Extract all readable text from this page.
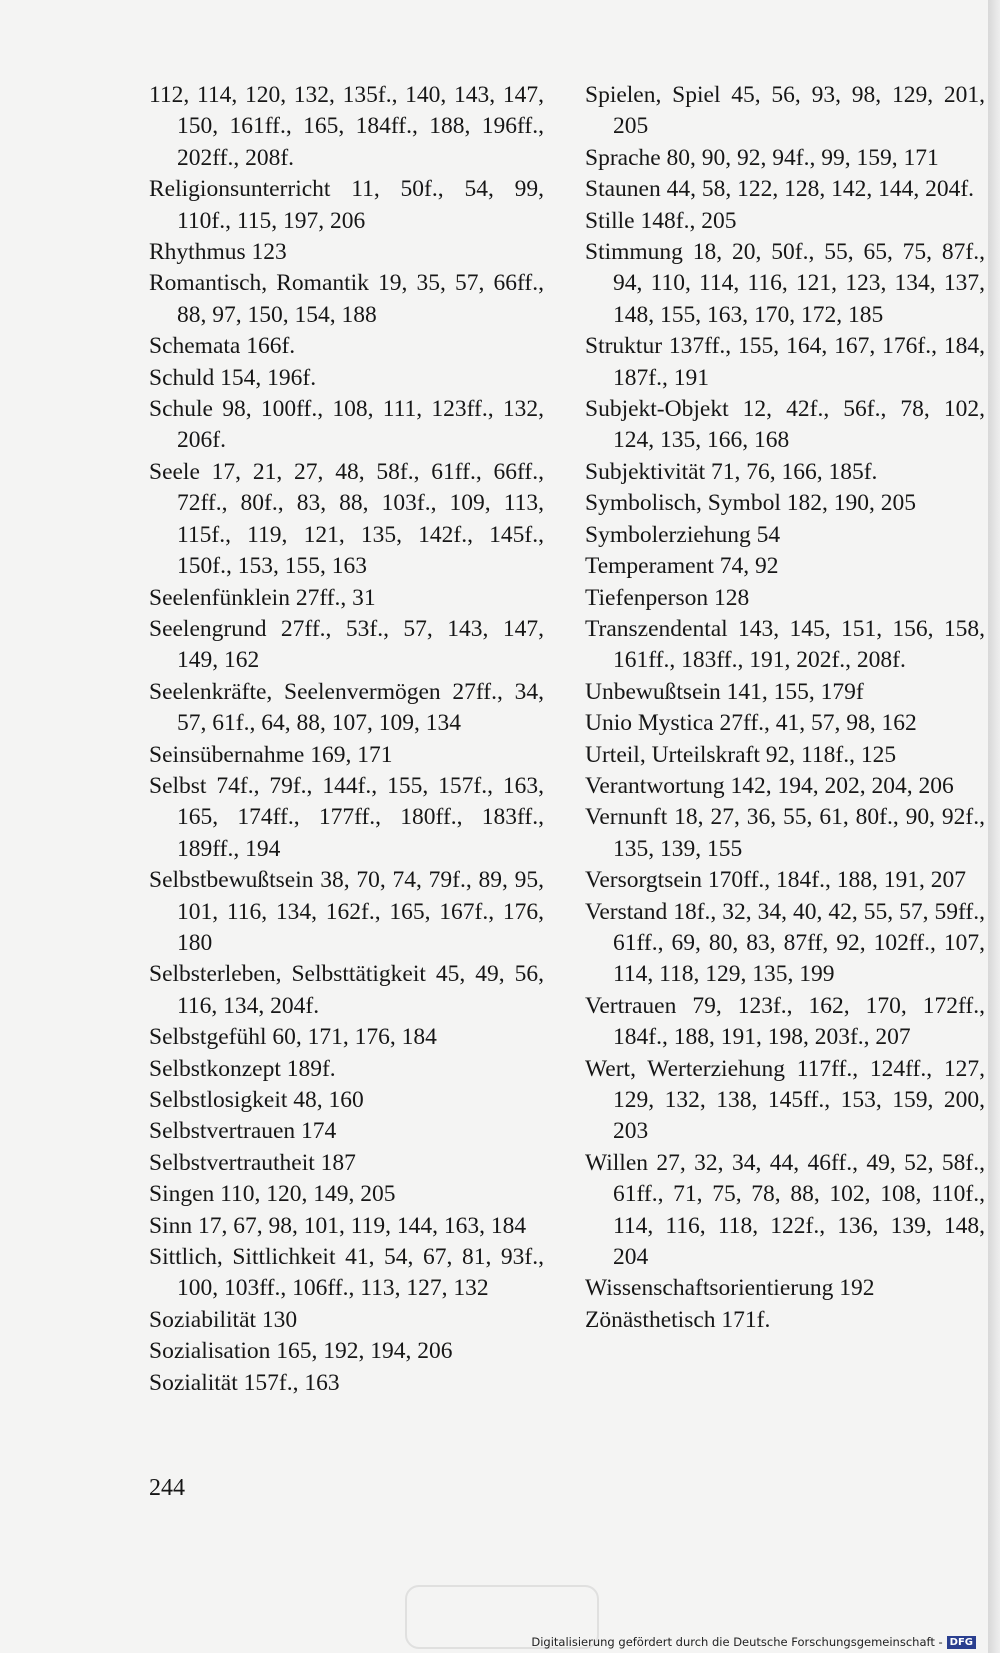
112, 114, 120, 132, 135f., 140, 143, 147, 150, 161ff., 165, 184ff., 188, 196ff., 202ff., 208f.
Religionsunterricht 11, 50f., 54, 99, 110f., 115, 197, 206
Rhythmus 123
Romantisch, Romantik 19, 35, 57, 66ff., 88, 97, 150, 154, 188
Schemata 166f.
Schuld 154, 196f.
Schule 98, 100ff., 108, 111, 123ff., 132, 206f.
Seele 17, 21, 27, 48, 58f., 61ff., 66ff., 72ff., 80f., 83, 88, 103f., 109, 113, 115f., 119, 121, 135, 142f., 145f., 150f., 153, 155, 163
Seelenfünklein 27ff., 31
Seelengrund 27ff., 53f., 57, 143, 147, 149, 162
Seelenkräfte, Seelenvermögen 27ff., 34, 57, 61f., 64, 88, 107, 109, 134
Seinsübernahme 169, 171
Selbst 74f., 79f., 144f., 155, 157f., 163, 165, 174ff., 177ff., 180ff., 183ff., 189ff., 194
Selbstbewußtsein 38, 70, 74, 79f., 89, 95, 101, 116, 134, 162f., 165, 167f., 176, 180
Selbsterleben, Selbsttätigkeit 45, 49, 56, 116, 134, 204f.
Selbstgefühl 60, 171, 176, 184
Selbstkonzept 189f.
Selbstlosigkeit 48, 160
Selbstvertrauen 174
Selbstvertrautheit 187
Singen 110, 120, 149, 205
Sinn 17, 67, 98, 101, 119, 144, 163, 184
Sittlich, Sittlichkeit 41, 54, 67, 81, 93f., 100, 103ff., 106ff., 113, 127, 132
Soziabilität 130
Sozialisation 165, 192, 194, 206
Sozialität 157f., 163
Spielen, Spiel 45, 56, 93, 98, 129, 201, 205
Sprache 80, 90, 92, 94f., 99, 159, 171
Staunen 44, 58, 122, 128, 142, 144, 204f.
Stille 148f., 205
Stimmung 18, 20, 50f., 55, 65, 75, 87f., 94, 110, 114, 116, 121, 123, 134, 137, 148, 155, 163, 170, 172, 185
Struktur 137ff., 155, 164, 167, 176f., 184, 187f., 191
Subjekt-Objekt 12, 42f., 56f., 78, 102, 124, 135, 166, 168
Subjektivität 71, 76, 166, 185f.
Symbolisch, Symbol 182, 190, 205
Symbolerziehung 54
Temperament 74, 92
Tiefenperson 128
Transzendental 143, 145, 151, 156, 158, 161ff., 183ff., 191, 202f., 208f.
Unbewußtsein 141, 155, 179f
Unio Mystica 27ff., 41, 57, 98, 162
Urteil, Urteilskraft 92, 118f., 125
Verantwortung 142, 194, 202, 204, 206
Vernunft 18, 27, 36, 55, 61, 80f., 90, 92f., 135, 139, 155
Versorgtsein 170ff., 184f., 188, 191, 207
Verstand 18f., 32, 34, 40, 42, 55, 57, 59ff., 61ff., 69, 80, 83, 87ff, 92, 102ff., 107, 114, 118, 129, 135, 199
Vertrauen 79, 123f., 162, 170, 172ff., 184f., 188, 191, 198, 203f., 207
Wert, Werterziehung 117ff., 124ff., 127, 129, 132, 138, 145ff., 153, 159, 200, 203
Willen 27, 32, 34, 44, 46ff., 49, 52, 58f., 61ff., 71, 75, 78, 88, 102, 108, 110f., 114, 116, 118, 122f., 136, 139, 148, 204
Wissenschaftsorientierung 192
Zönästhetisch 171f.
244
Digitalisierung gefördert durch die Deutsche Forschungsgemeinschaft - DFG
